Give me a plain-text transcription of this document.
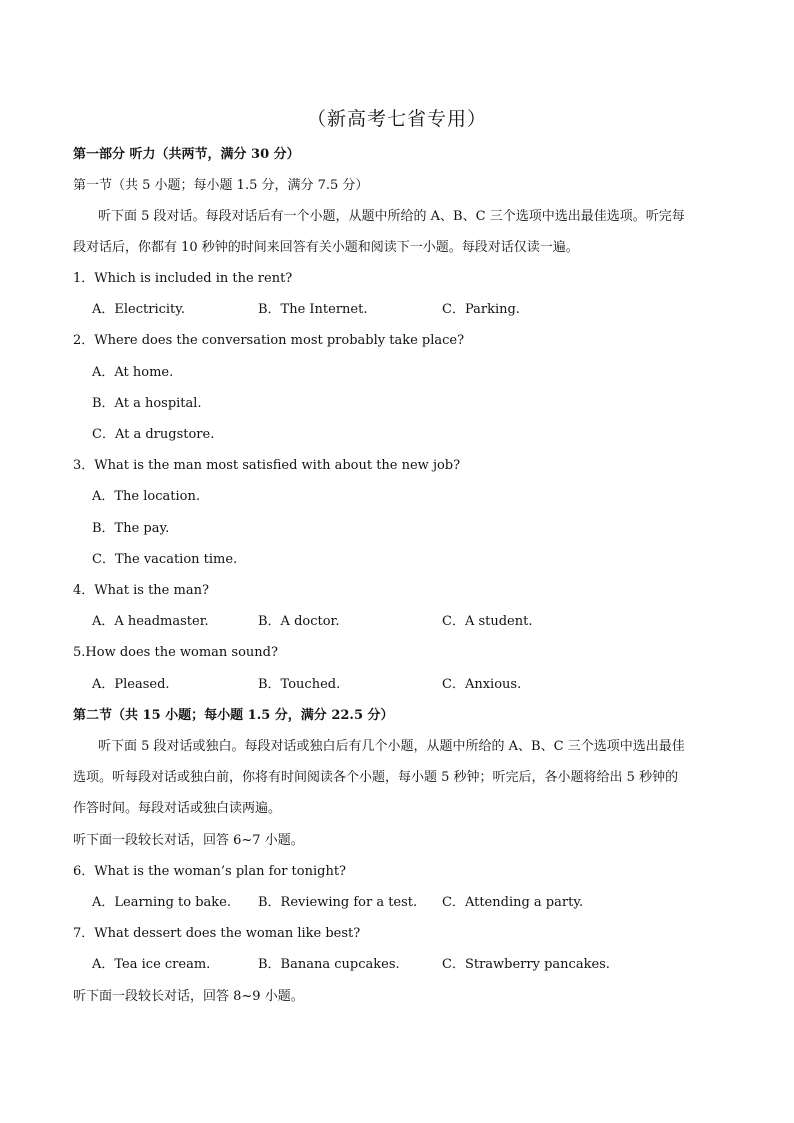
（新高考七省专用）
第一部分 听力（共两节，满分 30 分）
第一节（共 5 小题；每小题 1.5 分，满分 7.5 分）
听下面 5 段对话。每段对话后有一个小题，从题中所给的 A、B、C 三个选项中选出最佳选项。听完每
段对话后，你都有 10 秒钟的时间来回答有关小题和阅读下一小题。每段对话仅读一遍。
1．Which is included in the rent?
A．Electricity.	B．The Internet.	C．Parking.
2．Where does the conversation most probably take place?
A．At home.
B．At a hospital.
C．At a drugstore.
3．What is the man most satisfied with about the new job?
A．The location.
B．The pay.
C．The vacation time.
4．What is the man?
A．A headmaster.	B．A doctor.	C．A student.
5.How does the woman sound?
A．Pleased.	B．Touched.	C．Anxious.
第二节（共 15 小题；每小题 1.5 分，满分 22.5 分）
听下面 5 段对话或独白。每段对话或独白后有几个小题，从题中所给的 A、B、C 三个选项中选出最佳
选项。听每段对话或独白前，你将有时间阅读各个小题，每小题 5 秒钟；听完后，各小题将给出 5 秒钟的
作答时间。每段对话或独白读两遍。
听下面一段较长对话，回答 6~7 小题。
6．What is the woman’s plan for tonight?
A．Learning to bake. B．Reviewing for a test. C．Attending a party.
7．What dessert does the woman like best?
A．Tea ice cream.	B．Banana cupcakes.	C．Strawberry pancakes.
听下面一段较长对话，回答 8~9 小题。
